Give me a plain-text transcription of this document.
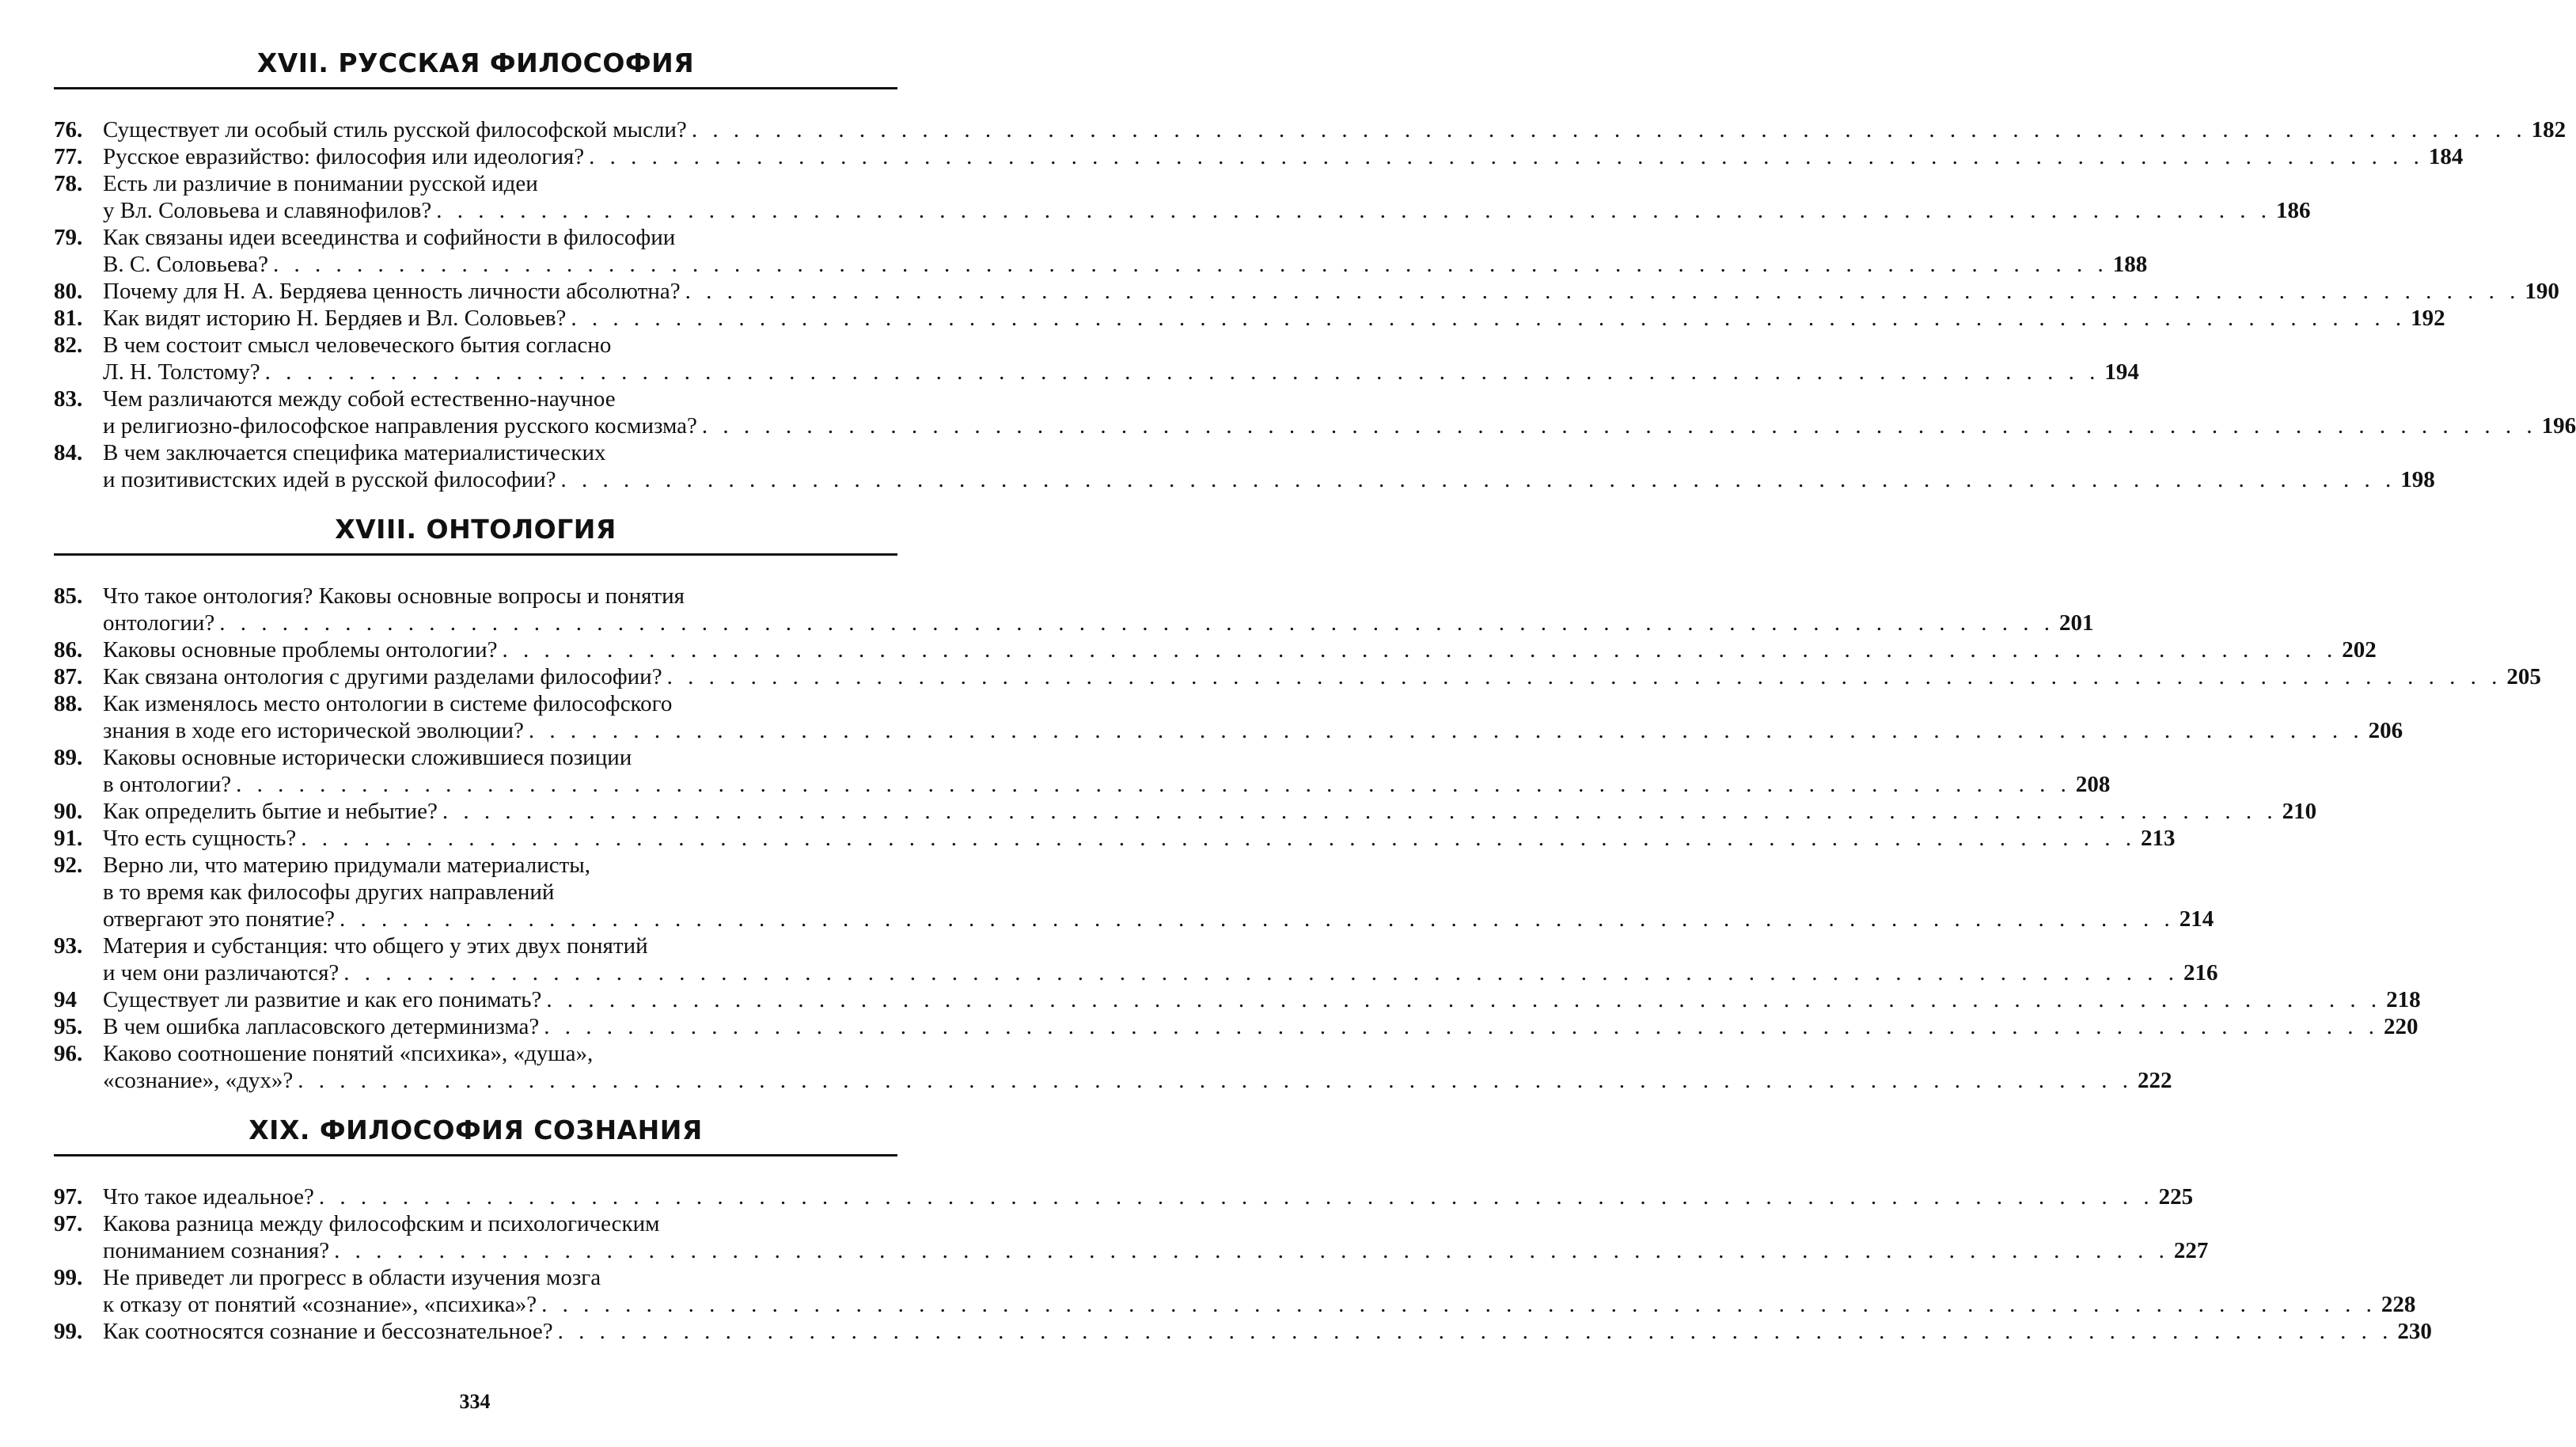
XVII. РУССКАЯ ФИЛОСОФИЯ
76. Существует ли особый стиль русской философской мысли? . . .	182
77. Русское евразийство: философия или идеология? . . .	184
78. Есть ли различие в понимании русской идеи
у Вл. Соловьева и славянофилов? . . .	186
79. Как связаны идеи всеединства и софийности в философии
В. С. Соловьева? . . .	188
80. Почему для Н. А. Бердяева ценность личности абсолютна? . . .	190
81. Как видят историю Н. Бердяев и Вл. Соловьев? . . .	192
82. В чем состоит смысл человеческого бытия согласно
Л. Н. Толстому? . . .	194
83. Чем различаются между собой естественно-научное
и религиозно-философское направления русского космизма? . . .	196
84. В чем заключается специфика материалистических
и позитивистских идей в русской философии? . . .	198
XVIII. ОНТОЛОГИЯ
85. Что такое онтология? Каковы основные вопросы и понятия
онтологии? . . .	201
86. Каковы основные проблемы онтологии? . . .	202
87. Как связана онтология с другими разделами философии? . . .	205
88. Как изменялось место онтологии в системе философского
знания в ходе его исторической эволюции? . . .	206
89. Каковы основные исторически сложившиеся позиции
в онтологии? . . .	208
90. Как определить бытие и небытие? . . .	210
91. Что есть сущность? . . .	213
92. Верно ли, что материю придумали материалисты,
в то время как философы других направлений
отвергают это понятие? . . .	214
93. Материя и субстанция: что общего у этих двух понятий
и чем они различаются? . . .	216
94	Существует ли развитие и как его понимать? . . .	218
95. В чем ошибка лапласовского детерминизма? . . .	220
96. Каково соотношение понятий «психика», «душа»,
«сознание», «дух»? . . .	222
XIX. ФИЛОСОФИЯ СОЗНАНИЯ
97. Что такое идеальное? . . .	225
97. Какова разница между философским и психологическим
пониманием сознания? . . .	227
99. Не приведет ли прогресс в области изучения мозга
к отказу от понятий «сознание», «психика»? . . .	228
99. Как соотносятся сознание и бессознательное? . . .	230
334
